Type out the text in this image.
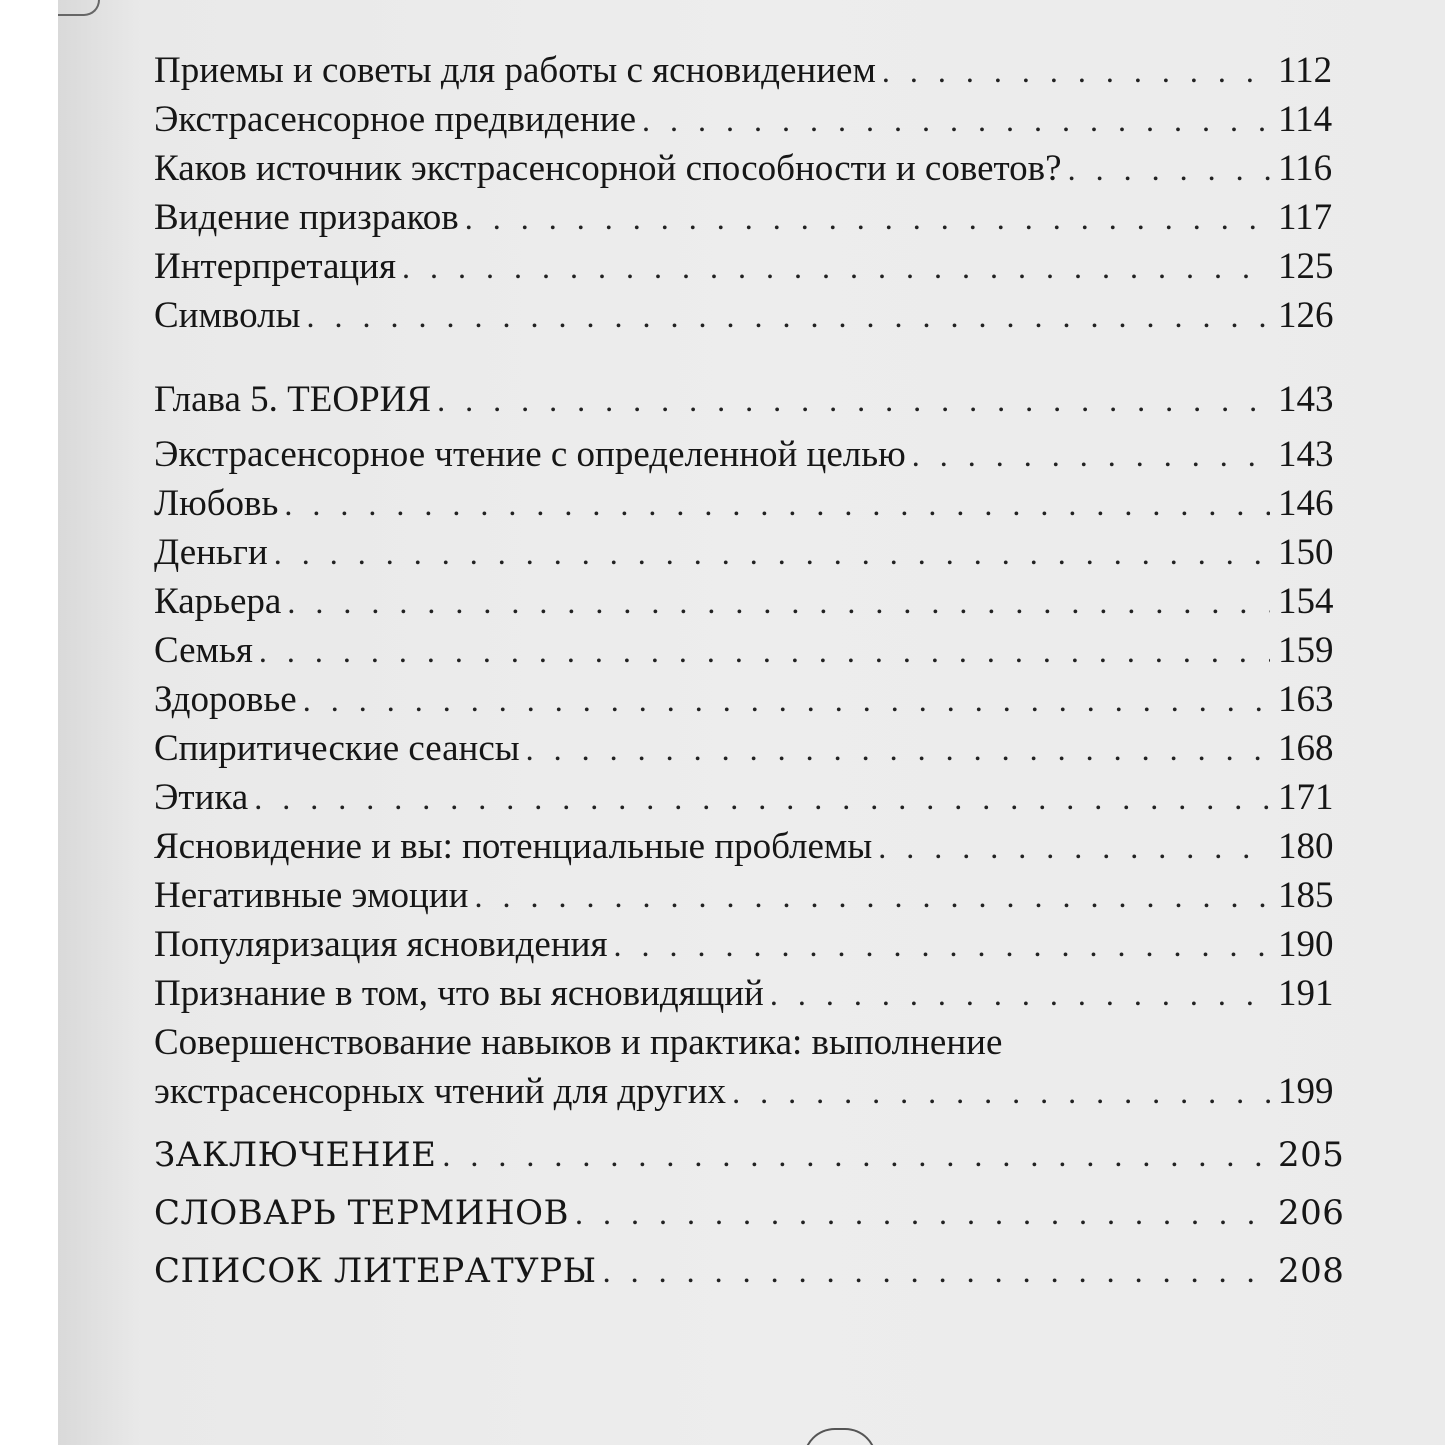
Приемы и советы для работы с ясновидением . . .	112
Экстрасенсорное предвидение . . .	114
Каков источник экстрасенсорной способности и советов? . . .	116
Видение призраков . . .	117
Интерпретация . . .	125
Символы . . .	126
Глава 5. ТЕОРИЯ . . .	143
Экстрасенсорное чтение с определенной целью . . .	143
Любовь . . .	146
Деньги . . .	150
Карьера . . .	154
Семья . . .	159
Здоровье . . .	163
Спиритические сеансы . . .	168
Этика . . .	171
Ясновидение и вы: потенциальные проблемы . . .	180
Негативные эмоции . . .	185
Популяризация ясновидения . . .	190
Признание в том, что вы ясновидящий . . .	191
Совершенствование навыков и практика: выполнение
экстрасенсорных чтений для других . . .	199
ЗАКЛЮЧЕНИЕ . . .	205
СЛОВАРЬ ТЕРМИНОВ . . .	206
СПИСОК ЛИТЕРАТУРЫ . . .	208
